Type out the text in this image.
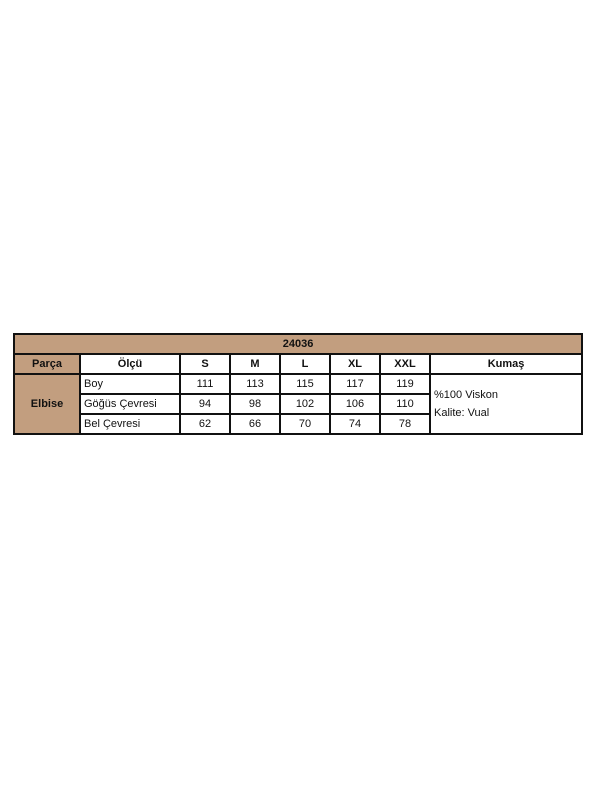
24036							
Parça	Ölçü	S	M	L	XL	XXL	Kumaş
Elbise	Boy	111	113	115	117	119	%100 Viskon
Kalite: Vual

	Göğüs Çevresi	94	98	102	106	110	
	Bel Çevresi	62	66	70	74	78	
